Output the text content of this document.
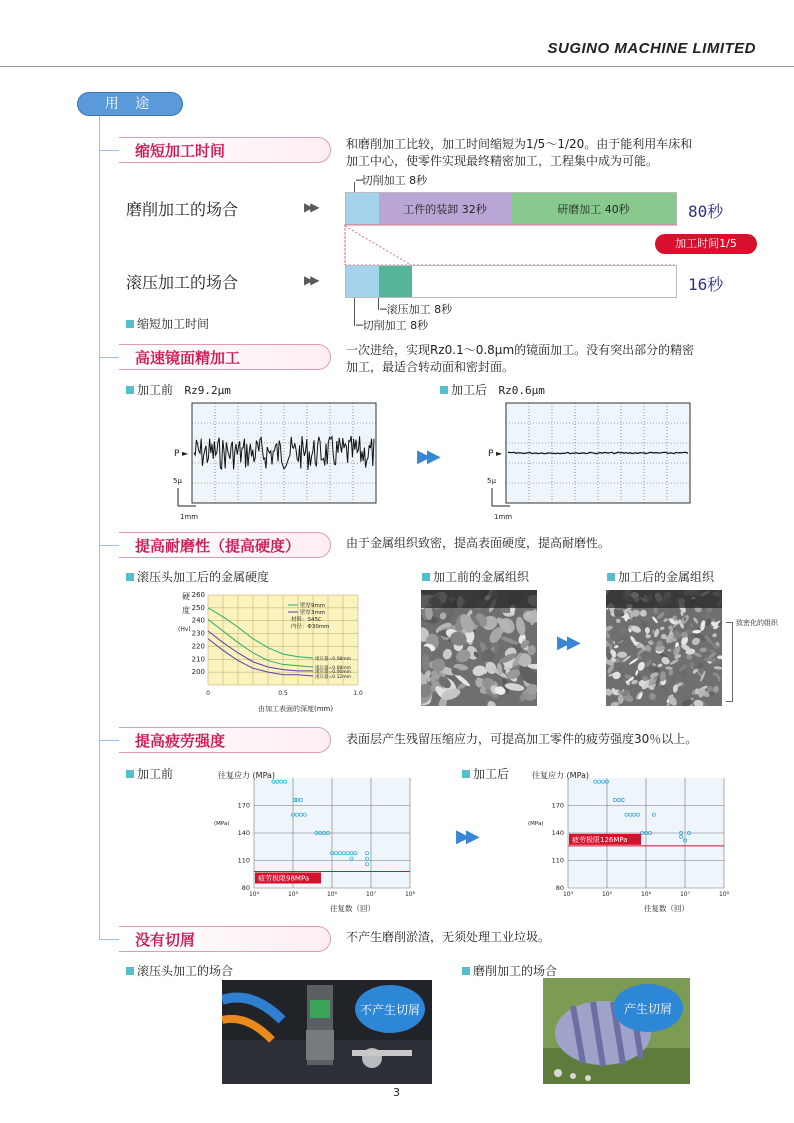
SUGINO MACHINE LIMITED
用 途
缩短加工时间	和磨削加工比较，加工时间缩短为1/5〜1/20。由于能利用车床和
加工中心，使零件实现最终精密加工，工程集中成为可能。
─切削加工 8秒
磨削加工的场合	▶▶	工件的装卸 32秒	研磨加工 40秒	80秒
加工时间1/5
滚压加工的场合	▶▶	16秒
─滚压加工 8秒
─切削加工 8秒
缩短加工时间
高速镜面精加工	一次进给，实现Rz0.1〜0.8μm的镜面加工。没有突出部分的精密
加工，最适合转动面和密封面。
加工前 Rz9.2μm	加工后 Rz0.6μm
P ►
5μ
1mm
▶▶	P ►
5μ
1mm
提高耐磨性（提高硬度）	由于金属组织致密，提高表面硬度，提高耐磨性。
滚压头加工后的金属硬度	加工前的金属组织	加工后的金属组织
滚压量=0.08mm
滚压量=0.08mm
滚压量=0.06mm
滚压量=0.12mm
260
250
240
230
220
210
200
0	0.5	1.0
硬
度
(Hv)
由加工表面的深度(mm)
壁厚9mm
壁厚3mm
材料：S45C
内径：Φ30mm
▶▶
致密化的组织
提高疲劳强度	表面层产生残留压缩应力，可提高加工零件的疲劳强度30％以上。
加工前	加工后
80
110
140
170
10⁴	10⁵	10⁶	10⁷	10⁸
往复应力 (MPa)
(MPa)
往复数（回）
疲劳极限98MPa
▶▶
80
110
140
170
10⁴	10⁵	10⁶	10⁷	10⁸
往复应力 (MPa)
(MPa)
往复数（回）
疲劳极限126MPa
没有切屑	不产生磨削淤渣，无须处理工业垃圾。
滚压头加工的场合	磨削加工的场合
不产生切屑	产生切屑
3
